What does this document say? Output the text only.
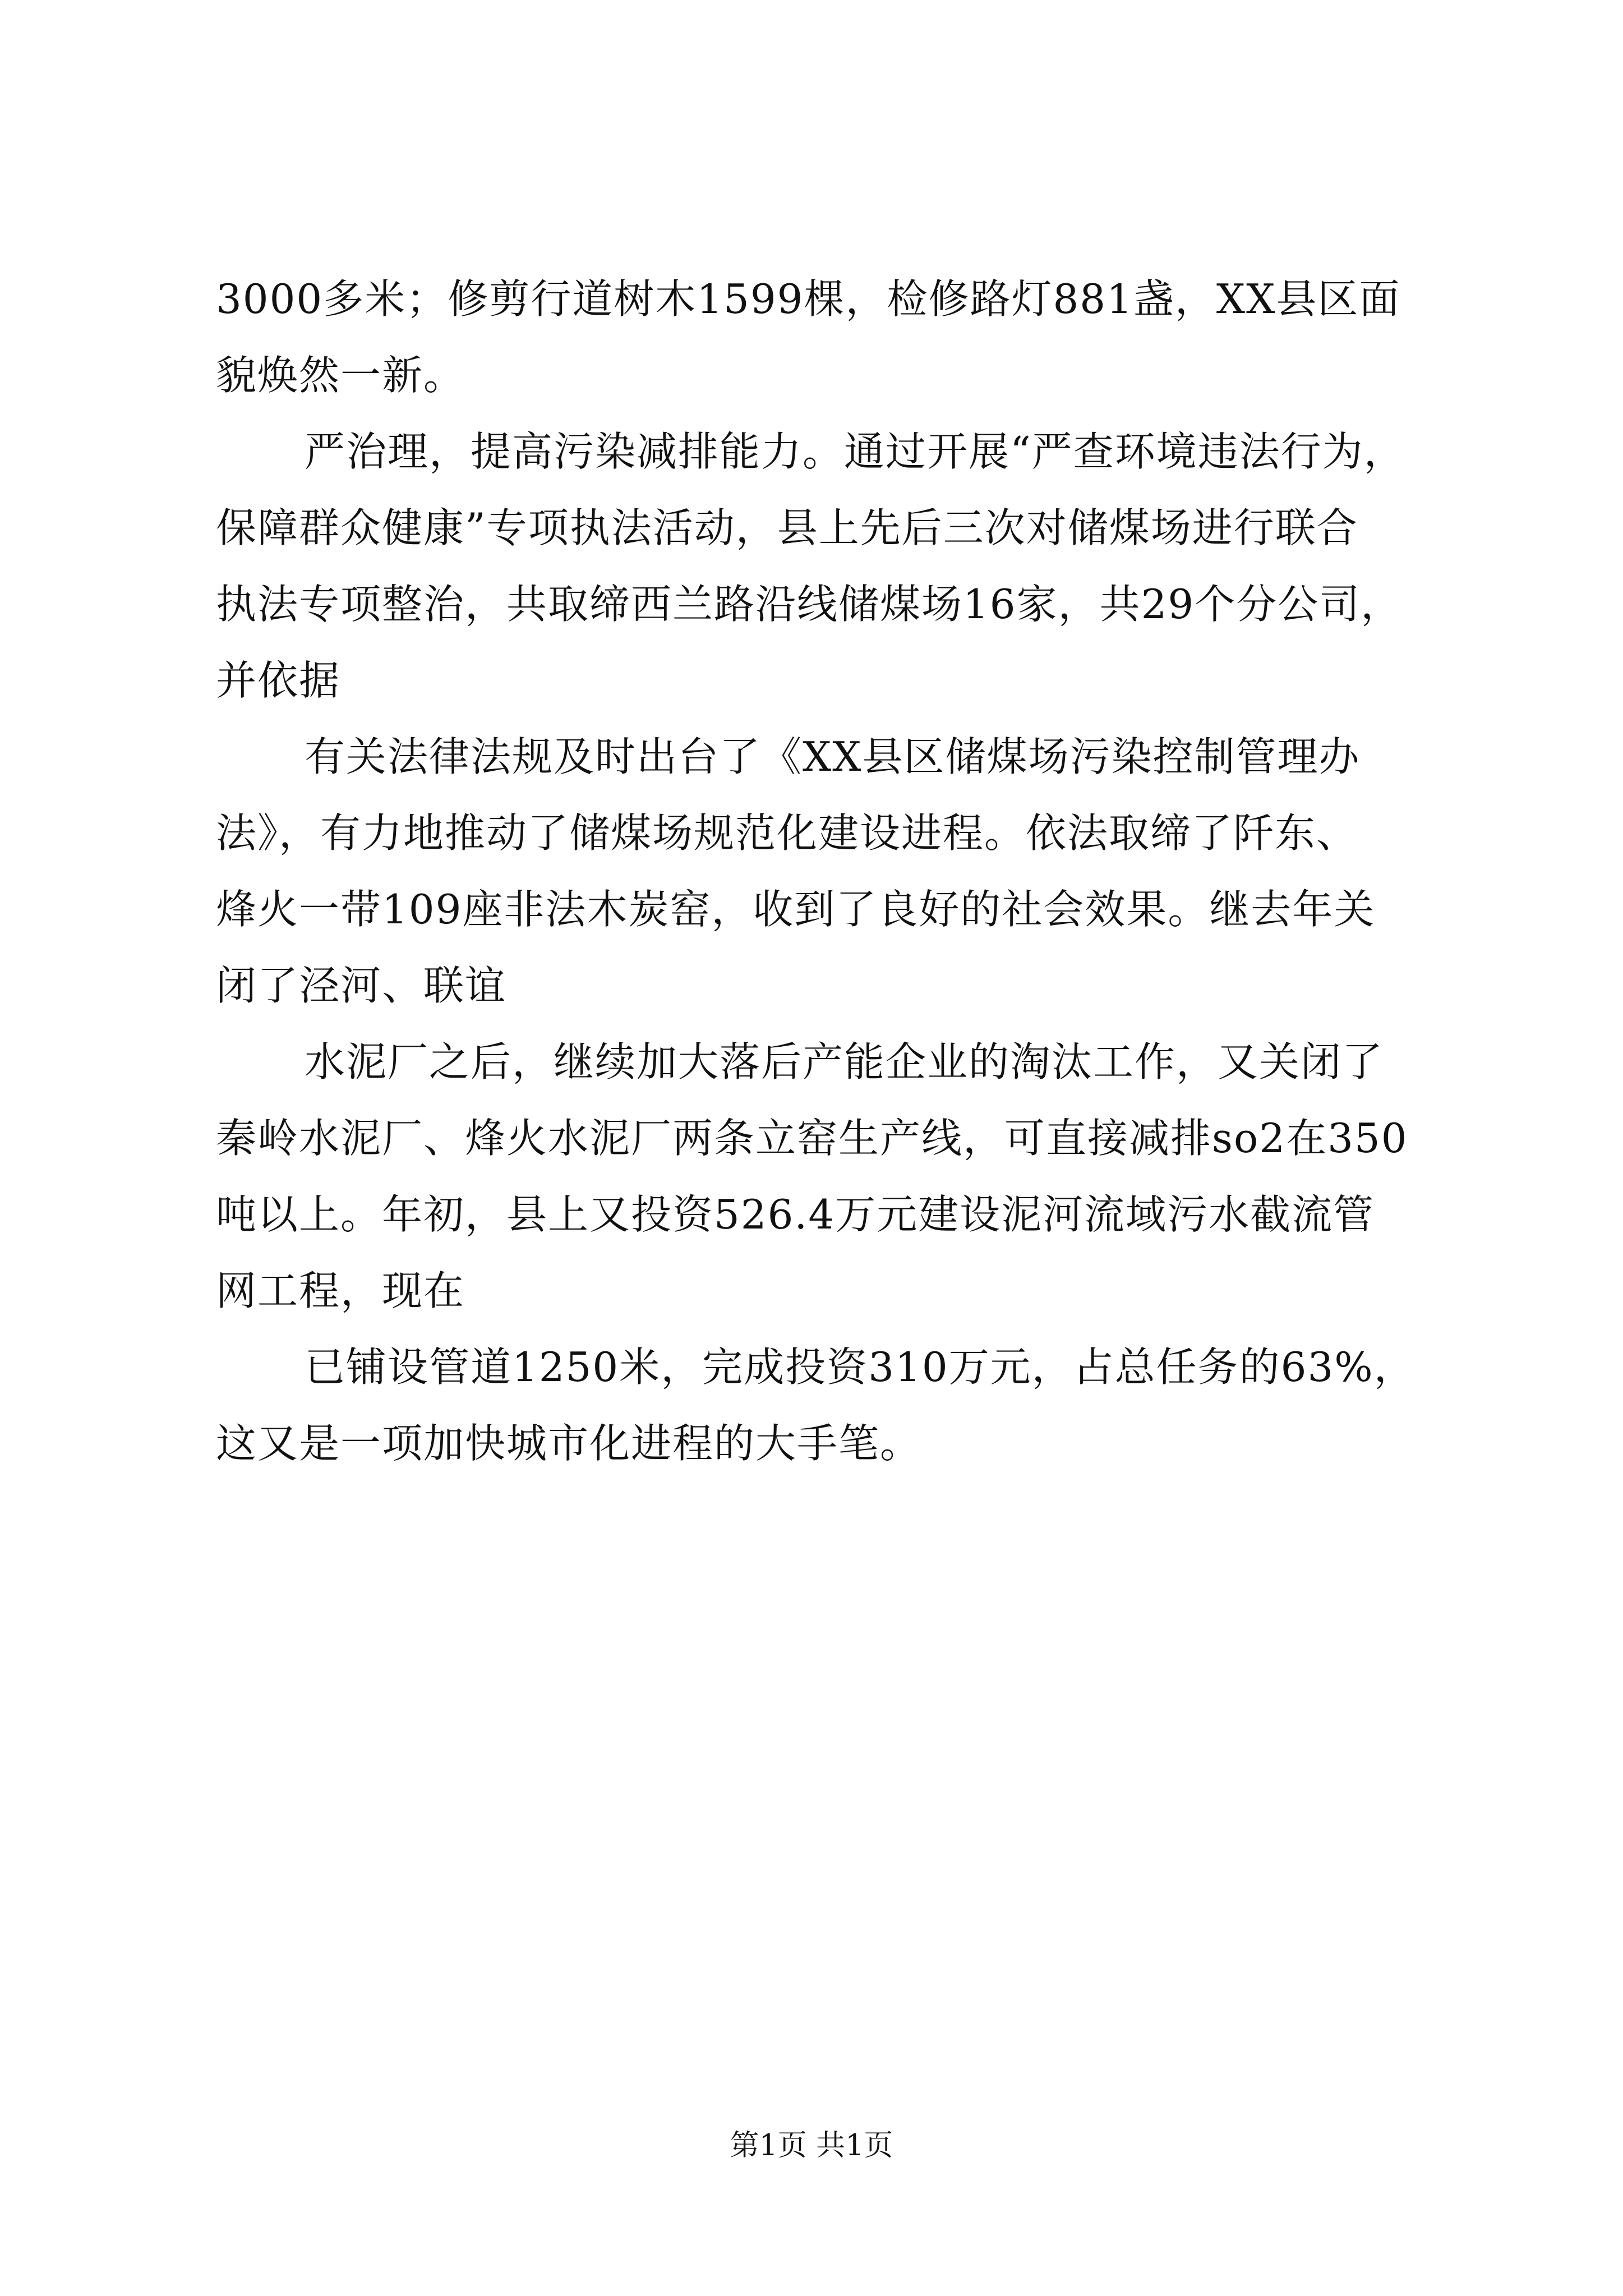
3000多米；修剪行道树木1599棵，检修路灯881盏，XX县区面
貌焕然一新。

严治理，提高污染减排能力。通过开展“严查环境违法行为，
保障群众健康”专项执法活动，县上先后三次对储煤场进行联合
执法专项整治，共取缔西兰路沿线储煤场16家，共29个分公司，
并依据

有关法律法规及时出台了《XX县区储煤场污染控制管理办
法》，有力地推动了储煤场规范化建设进程。依法取缔了阡东、
烽火一带109座非法木炭窑，收到了良好的社会效果。继去年关
闭了泾河、联谊

水泥厂之后，继续加大落后产能企业的淘汰工作，又关闭了
秦岭水泥厂、烽火水泥厂两条立窑生产线，可直接减排so2在350
吨以上。年初，县上又投资526.4万元建设泥河流域污水截流管
网工程，现在

已铺设管道1250米，完成投资310万元，占总任务的63%，
这又是一项加快城市化进程的大手笔。

第1页 共1页
